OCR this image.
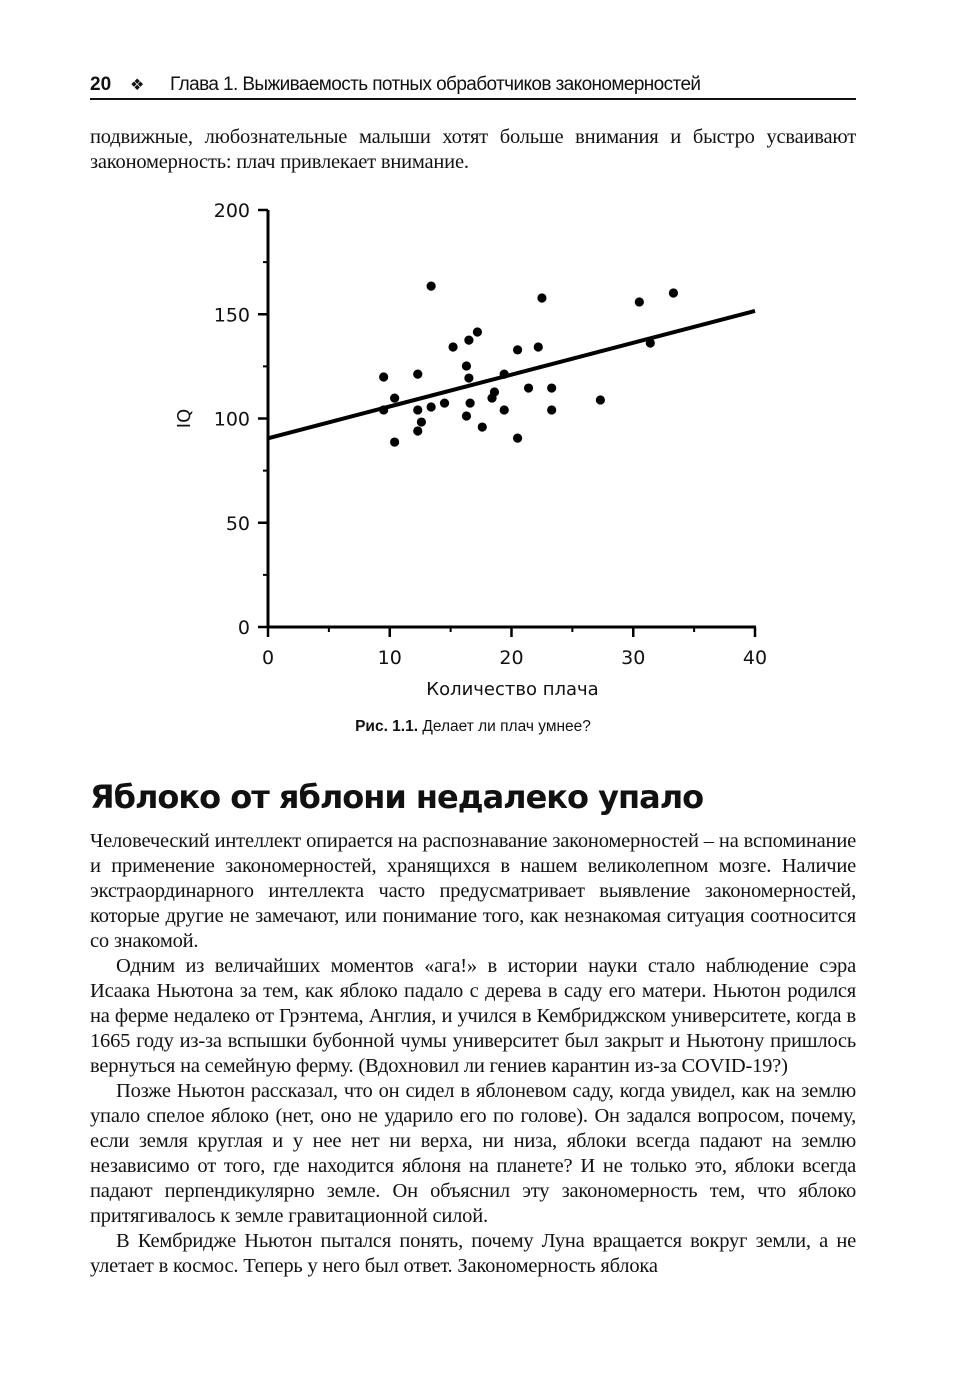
20 ❖ Глава 1. Выживаемость потных обработчиков закономерностей

подвижные, любознательные малыши хотят больше внимания и быстро усваивают закономерность: плач привлекает внимание.

0
50
100
150
200
0	10	20	30	40
Количество плача
IQ
Рис. 1.1. Делает ли плач умнее?
Яблоко от яблони недалеко упало

Человеческий интеллект опирается на распознавание закономерностей – на вспоминание и применение закономерностей, хранящихся в нашем великолепном мозге. Наличие экстраординарного интеллекта часто предусматривает выявление закономерностей, которые другие не замечают, или понимание того, как незнакомая ситуация соотносится со знакомой.

Одним из величайших моментов «ага!» в истории науки стало наблюдение сэра Исаака Ньютона за тем, как яблоко падало с дерева в саду его матери. Ньютон родился на ферме недалеко от Грэнтема, Англия, и учился в Кембриджском университете, когда в 1665 году из-за вспышки бубонной чумы университет был закрыт и Ньютону пришлось вернуться на семейную ферму. (Вдохновил ли гениев карантин из-за COVID-19?)

Позже Ньютон рассказал, что он сидел в яблоневом саду, когда увидел, как на землю упало спелое яблоко (нет, оно не ударило его по голове). Он задался вопросом, почему, если земля круглая и у нее нет ни верха, ни низа, яблоки всегда падают на землю независимо от того, где находится яблоня на планете? И не только это, яблоки всегда падают перпендикулярно земле. Он объяснил эту закономерность тем, что яблоко притягивалось к земле гравитационной силой.

В Кембридже Ньютон пытался понять, почему Луна вращается вокруг земли, а не улетает в космос. Теперь у него был ответ. Закономерность яблока
